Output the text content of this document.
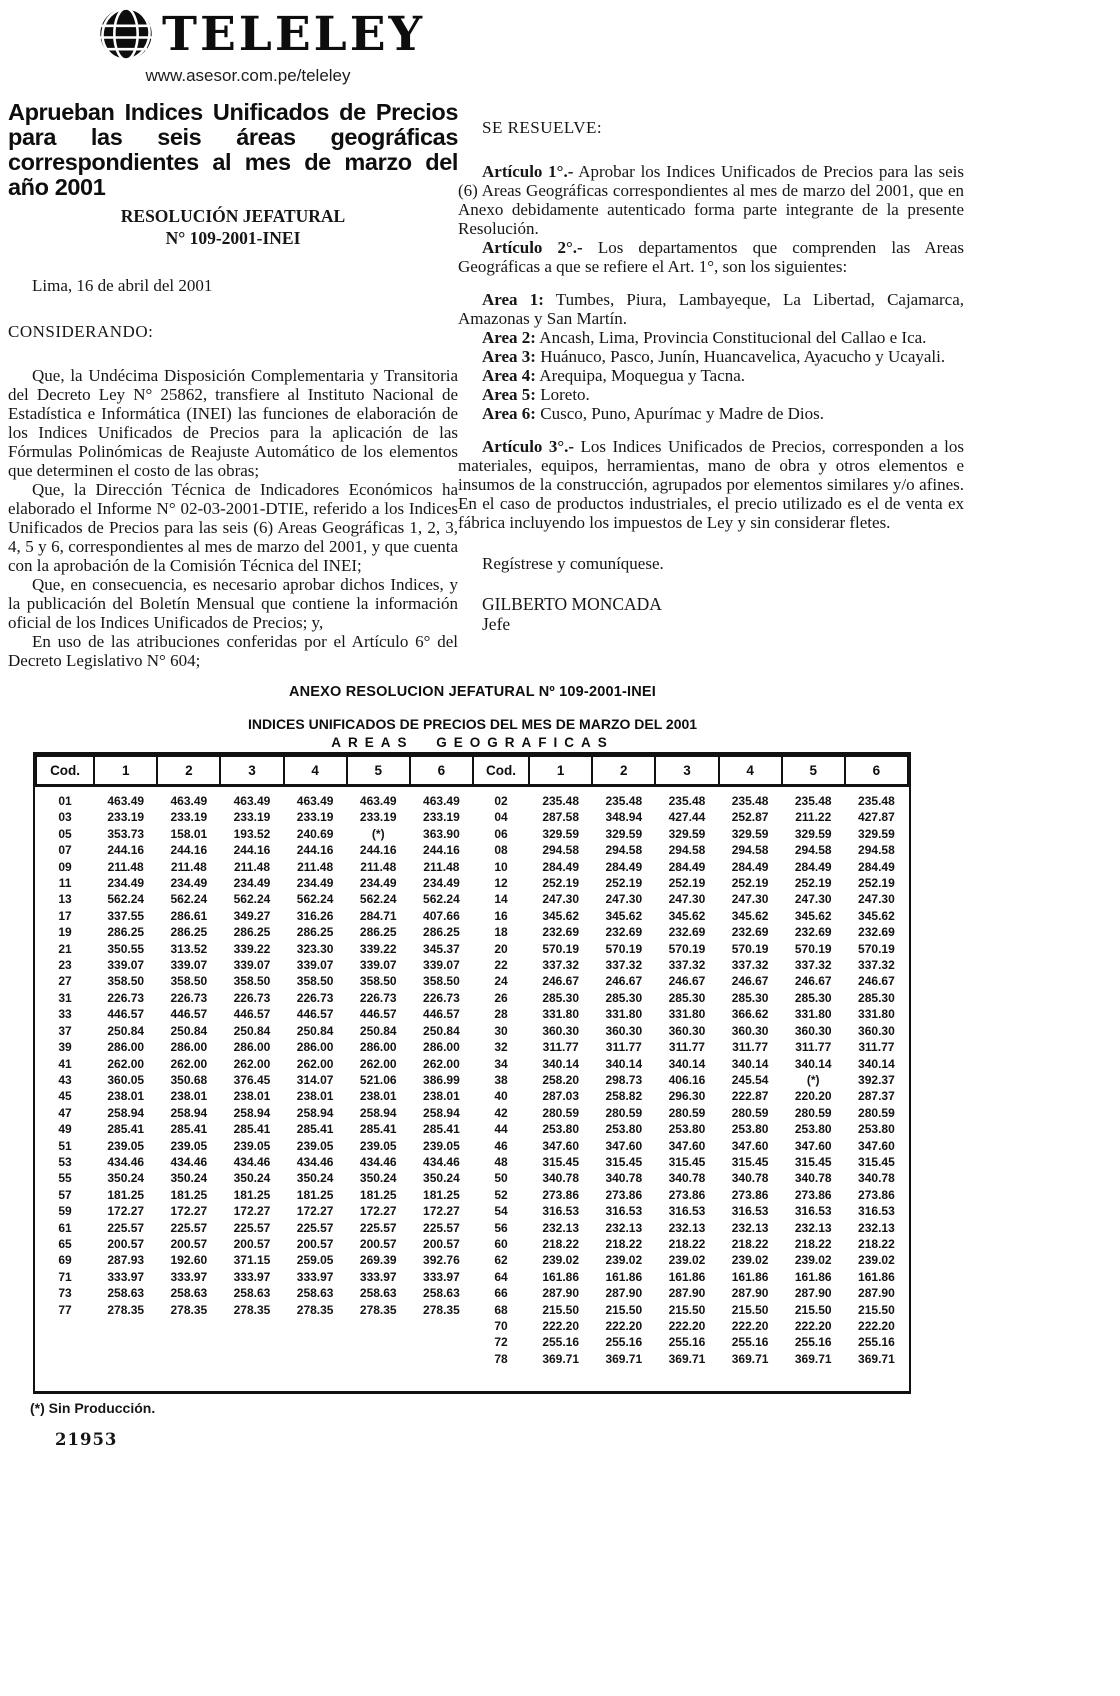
TELELEY
www.asesor.com.pe/teleley
Aprueban Indices Unificados de Precios para las seis áreas geográficas correspondientes al mes de marzo del año 2001
RESOLUCIÓN JEFATURAL
N° 109-2001-INEI
Lima, 16 de abril del 2001
CONSIDERANDO:

Que, la Undécima Disposición Complementaria y Transitoria del Decreto Ley N° 25862, transfiere al Instituto Nacional de Estadística e Informática (INEI) las funciones de elaboración de los Indices Unificados de Precios para la aplicación de las Fórmulas Polinómicas de Reajuste Automático de los elementos que determinen el costo de las obras;

Que, la Dirección Técnica de Indicadores Económicos ha elaborado el Informe N° 02-03-2001-DTIE, referido a los Indices Unificados de Precios para las seis (6) Areas Geográficas 1, 2, 3, 4, 5 y 6, correspondientes al mes de marzo del 2001, y que cuenta con la aprobación de la Comisión Técnica del INEI;

Que, en consecuencia, es necesario aprobar dichos Indices, y la publicación del Boletín Mensual que contiene la información oficial de los Indices Unificados de Precios; y,

En uso de las atribuciones conferidas por el Artículo 6° del Decreto Legislativo N° 604;

SE RESUELVE:

Artículo 1°.- Aprobar los Indices Unificados de Precios para las seis (6) Areas Geográficas correspondientes al mes de marzo del 2001, que en Anexo debidamente autenticado forma parte integrante de la presente Resolución.

Artículo 2°.- Los departamentos que comprenden las Areas Geográficas a que se refiere el Art. 1°, son los siguientes:

Area 1: Tumbes, Piura, Lambayeque, La Libertad, Cajamarca, Amazonas y San Martín.

Area 2: Ancash, Lima, Provincia Constitucional del Callao e Ica.

Area 3: Huánuco, Pasco, Junín, Huancavelica, Ayacucho y Ucayali.

Area 4: Arequipa, Moquegua y Tacna.

Area 5: Loreto.

Area 6: Cusco, Puno, Apurímac y Madre de Dios.

Artículo 3°.- Los Indices Unificados de Precios, corresponden a los materiales, equipos, herramientas, mano de obra y otros elementos e insumos de la construcción, agrupados por elementos similares y/o afines. En el caso de productos industriales, el precio utilizado es el de venta ex fábrica incluyendo los impuestos de Ley y sin considerar fletes.

Regístrese y comuníquese.
GILBERTO MONCADA
Jefe
ANEXO RESOLUCION JEFATURAL Nº 109-2001-INEI
INDICES UNIFICADOS DE PRECIOS DEL MES DE MARZO DEL 2001
AREAS GEOGRAFICAS
Cod.	1	2	3	4	5	6	Cod.	1	2	3	4	5	6
01	463.49	463.49	463.49	463.49	463.49	463.49	02	235.48	235.48	235.48	235.48	235.48	235.48
03	233.19	233.19	233.19	233.19	233.19	233.19	04	287.58	348.94	427.44	252.87	211.22	427.87
05	353.73	158.01	193.52	240.69	(*)	363.90	06	329.59	329.59	329.59	329.59	329.59	329.59
07	244.16	244.16	244.16	244.16	244.16	244.16	08	294.58	294.58	294.58	294.58	294.58	294.58
09	211.48	211.48	211.48	211.48	211.48	211.48	10	284.49	284.49	284.49	284.49	284.49	284.49
11	234.49	234.49	234.49	234.49	234.49	234.49	12	252.19	252.19	252.19	252.19	252.19	252.19
13	562.24	562.24	562.24	562.24	562.24	562.24	14	247.30	247.30	247.30	247.30	247.30	247.30
17	337.55	286.61	349.27	316.26	284.71	407.66	16	345.62	345.62	345.62	345.62	345.62	345.62
19	286.25	286.25	286.25	286.25	286.25	286.25	18	232.69	232.69	232.69	232.69	232.69	232.69
21	350.55	313.52	339.22	323.30	339.22	345.37	20	570.19	570.19	570.19	570.19	570.19	570.19
23	339.07	339.07	339.07	339.07	339.07	339.07	22	337.32	337.32	337.32	337.32	337.32	337.32
27	358.50	358.50	358.50	358.50	358.50	358.50	24	246.67	246.67	246.67	246.67	246.67	246.67
31	226.73	226.73	226.73	226.73	226.73	226.73	26	285.30	285.30	285.30	285.30	285.30	285.30
33	446.57	446.57	446.57	446.57	446.57	446.57	28	331.80	331.80	331.80	366.62	331.80	331.80
37	250.84	250.84	250.84	250.84	250.84	250.84	30	360.30	360.30	360.30	360.30	360.30	360.30
39	286.00	286.00	286.00	286.00	286.00	286.00	32	311.77	311.77	311.77	311.77	311.77	311.77
41	262.00	262.00	262.00	262.00	262.00	262.00	34	340.14	340.14	340.14	340.14	340.14	340.14
43	360.05	350.68	376.45	314.07	521.06	386.99	38	258.20	298.73	406.16	245.54	(*)	392.37
45	238.01	238.01	238.01	238.01	238.01	238.01	40	287.03	258.82	296.30	222.87	220.20	287.37
47	258.94	258.94	258.94	258.94	258.94	258.94	42	280.59	280.59	280.59	280.59	280.59	280.59
49	285.41	285.41	285.41	285.41	285.41	285.41	44	253.80	253.80	253.80	253.80	253.80	253.80
51	239.05	239.05	239.05	239.05	239.05	239.05	46	347.60	347.60	347.60	347.60	347.60	347.60
53	434.46	434.46	434.46	434.46	434.46	434.46	48	315.45	315.45	315.45	315.45	315.45	315.45
55	350.24	350.24	350.24	350.24	350.24	350.24	50	340.78	340.78	340.78	340.78	340.78	340.78
57	181.25	181.25	181.25	181.25	181.25	181.25	52	273.86	273.86	273.86	273.86	273.86	273.86
59	172.27	172.27	172.27	172.27	172.27	172.27	54	316.53	316.53	316.53	316.53	316.53	316.53
61	225.57	225.57	225.57	225.57	225.57	225.57	56	232.13	232.13	232.13	232.13	232.13	232.13
65	200.57	200.57	200.57	200.57	200.57	200.57	60	218.22	218.22	218.22	218.22	218.22	218.22
69	287.93	192.60	371.15	259.05	269.39	392.76	62	239.02	239.02	239.02	239.02	239.02	239.02
71	333.97	333.97	333.97	333.97	333.97	333.97	64	161.86	161.86	161.86	161.86	161.86	161.86
73	258.63	258.63	258.63	258.63	258.63	258.63	66	287.90	287.90	287.90	287.90	287.90	287.90
77	278.35	278.35	278.35	278.35	278.35	278.35	68	215.50	215.50	215.50	215.50	215.50	215.50
							70	222.20	222.20	222.20	222.20	222.20	222.20
							72	255.16	255.16	255.16	255.16	255.16	255.16
							78	369.71	369.71	369.71	369.71	369.71	369.71
(*) Sin Producción.
21953
